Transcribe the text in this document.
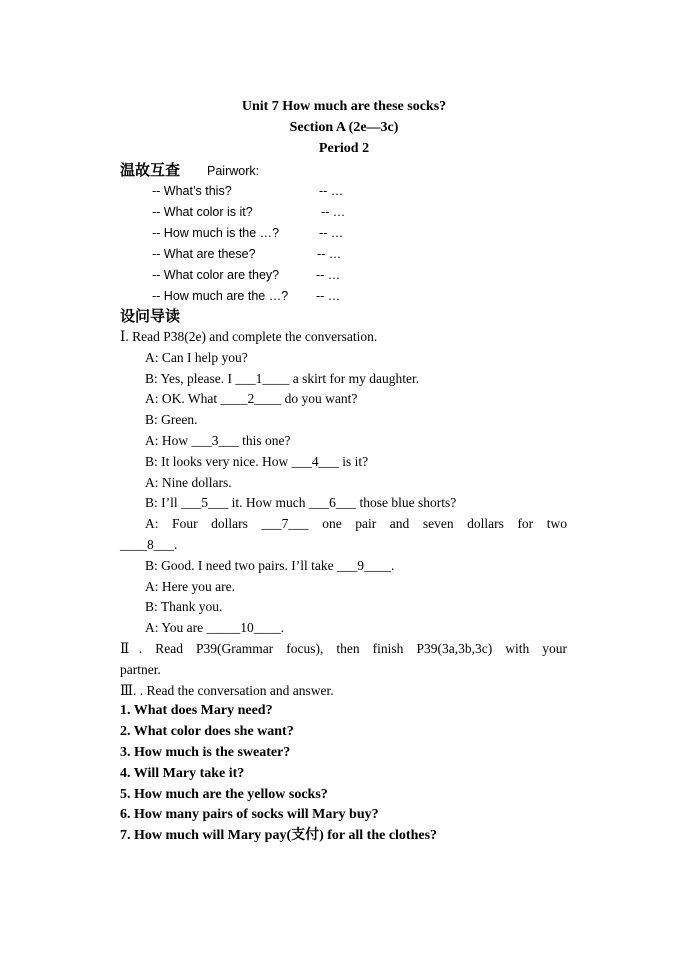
Unit 7 How much are these socks?
Section A (2e—3c)
Period 2
温故互查 Pairwork:
-- What’s this?	-- …
-- What color is it?	-- …
-- How much is the …?	-- …
-- What are these?	-- …
-- What color are they?	-- …
-- How much are the …? -- …
设问导读
Ⅰ. Read P38(2e) and complete the conversation.
A: Can I help you?
B: Yes, please. I ___1____ a skirt for my daughter.
A: OK. What ____2____ do you want?
B: Green.
A: How ___3___ this one?
B: It looks very nice. How ___4___ is it?
A: Nine dollars.
B: I’ll ___5___ it. How much ___6___ those blue shorts?
A: Four dollars ___7___ one pair and seven dollars for two
____8___.
B: Good. I need two pairs. I’ll take ___9____.
A: Here you are.
B: Thank you.
A: You are _____10____.
Ⅱ. Read P39(Grammar focus), then finish P39(3a,3b,3c) with your
partner.
Ⅲ. . Read the conversation and answer.
1. What does Mary need?
2. What color does she want?
3. How much is the sweater?
4. Will Mary take it?
5. How much are the yellow socks?
6. How many pairs of socks will Mary buy?
7. How much will Mary pay(支付) for all the clothes?
